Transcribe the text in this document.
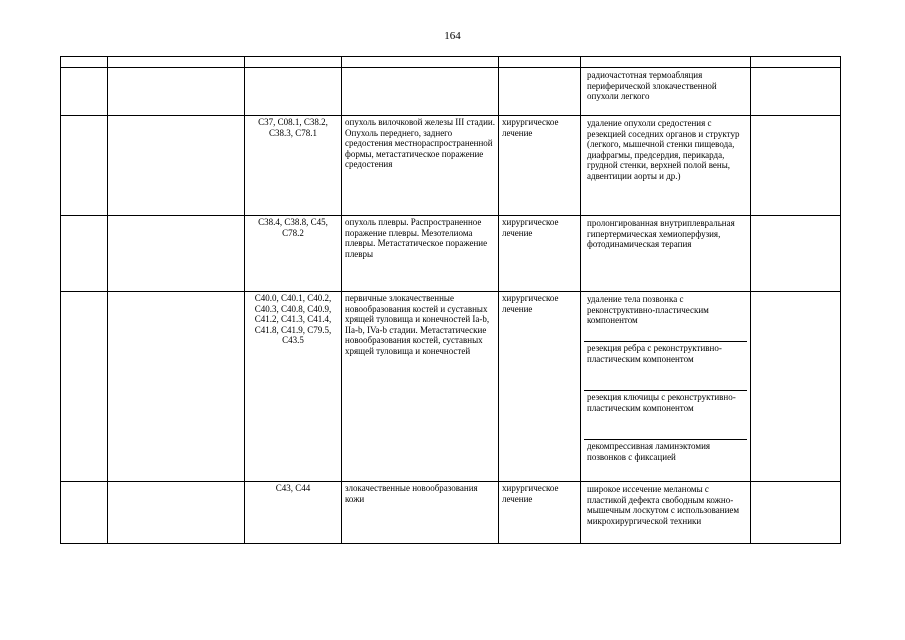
164

					радиочастотная термоабляция периферической злокачественной опухоли легкого	

		C37, C08.1, C38.2, C38.3, C78.1	опухоль вилочковой железы III стадии. Опухоль переднего, заднего средостения местнораспространенной формы, метастатическое поражение средостения	хирургическое лечение	удаление опухоли средостения с резекцией соседних органов и структур (легкого, мышечной стенки пищевода, диафрагмы, предсердия, перикарда, грудной стенки, верхней полой вены, адвентиции аорты и др.)	

		C38.4, C38.8, C45, C78.2	опухоль плевры. Распространенное поражение плевры. Мезотелиома плевры. Метастатическое поражение плевры	хирургическое лечение	пролонгированная внутриплевральная гипертермическая хемиоперфузия, фотодинамическая терапия	

		C40.0, C40.1, C40.2, C40.3, C40.8, C40.9, C41.2, C41.3, C41.4, C41.8, C41.9, C79.5, C43.5	первичные злокачественные новообразования костей и суставных хрящей туловища и конечностей Ia-b, IIa-b, IVa-b стадии. Метастатические новообразования костей, суставных хрящей туловища и конечностей	хирургическое лечение	удаление тела позвонка с реконструктивно-пластическим компонентом
резекция ребра с реконструктивно-пластическим компонентом
резекция ключицы с реконструктивно-пластическим компонентом
декомпрессивная ламинэктомия позвонков с фиксацией	

		C43, C44	злокачественные новообразования кожи	хирургическое лечение	широкое иссечение меланомы с пластикой дефекта свободным кожно-мышечным лоскутом с использованием микрохирургической техники	
